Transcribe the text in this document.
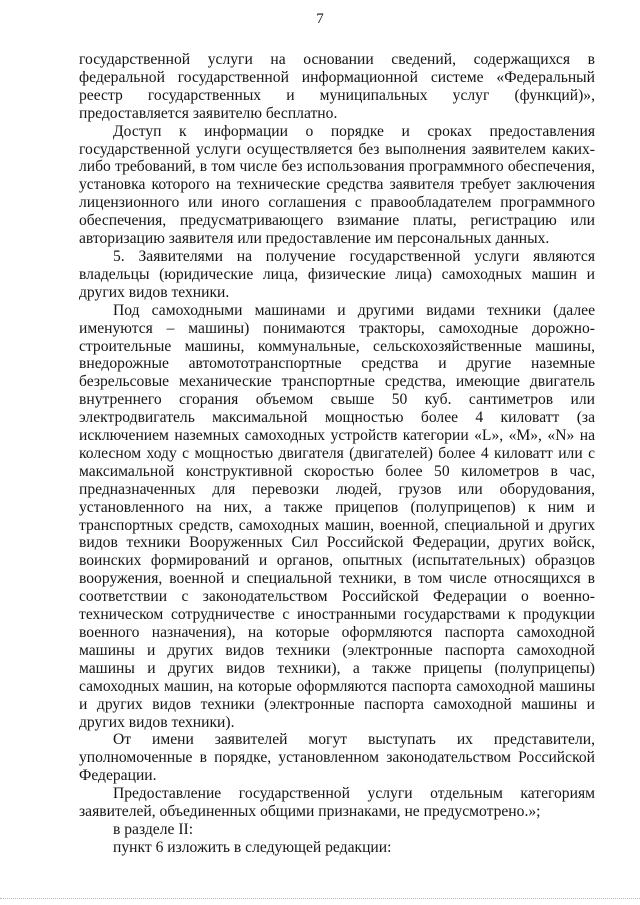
7

государственной услуги на основании сведений, содержащихся в федеральной государственной информационной системе «Федеральный реестр государственных и муниципальных услуг (функций)», предоставляется заявителю бесплатно.

Доступ к информации о порядке и сроках предоставления государственной услуги осуществляется без выполнения заявителем каких-либо требований, в том числе без использования программного обеспечения, установка которого на технические средства заявителя требует заключения лицензионного или иного соглашения с правообладателем программного обеспечения, предусматривающего взимание платы, регистрацию или авторизацию заявителя или предоставление им персональных данных.

5. Заявителями на получение государственной услуги являются владельцы (юридические лица, физические лица) самоходных машин и других видов техники.

Под самоходными машинами и другими видами техники (далее именуются – машины) понимаются тракторы, самоходные дорожно-строительные машины, коммунальные, сельскохозяйственные машины, внедорожные автомототранспортные средства и другие наземные безрельсовые механические транспортные средства, имеющие двигатель внутреннего сгорания объемом свыше 50 куб. сантиметров или электродвигатель максимальной мощностью более 4 киловатт (за исключением наземных самоходных устройств категории «L», «M», «N» на колесном ходу с мощностью двигателя (двигателей) более 4 киловатт или с максимальной конструктивной скоростью более 50 километров в час, предназначенных для перевозки людей, грузов или оборудования, установленного на них, а также прицепов (полуприцепов) к ним и транспортных средств, самоходных машин, военной, специальной и других видов техники Вооруженных Сил Российской Федерации, других войск, воинских формирований и органов, опытных (испытательных) образцов вооружения, военной и специальной техники, в том числе относящихся в соответствии с законодательством Российской Федерации о военно-техническом сотрудничестве с иностранными государствами к продукции военного назначения), на которые оформляются паспорта самоходной машины и других видов техники (электронные паспорта самоходной машины и других видов техники), а также прицепы (полуприцепы) самоходных машин, на которые оформляются паспорта самоходной машины и других видов техники (электронные паспорта самоходной машины и других видов техники).

От имени заявителей могут выступать их представители, уполномоченные в порядке, установленном законодательством Российской Федерации.

Предоставление государственной услуги отдельным категориям заявителей, объединенных общими признаками, не предусмотрено.»;

в разделе II:

пункт 6 изложить в следующей редакции:
